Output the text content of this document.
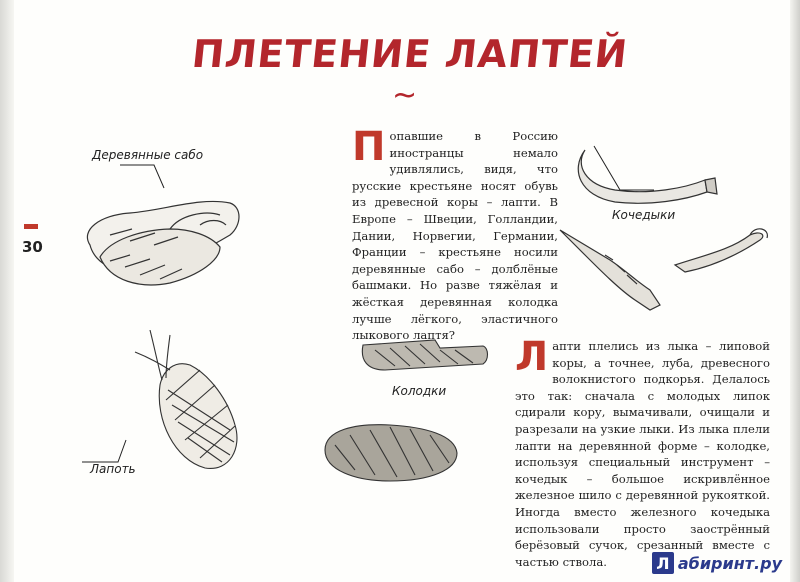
ПЛЕТЕНИЕ ЛАПТЕЙ
~
30
Деревянные сабо
Кочедыки
Колодки
Лапоть
Попавшие в Россию иностранцы немало удивлялись, видя, что русские крестьяне носят обувь из древесной коры – лапти. В Европе – Швеции, Голландии, Дании, Норвегии, Германии, Франции – крестьяне носили деревянные сабо – долблёные башмаки. Но разве тяжёлая и жёсткая деревянная колодка лучше лёгкого, эластичного лыкового лаптя?	Лапти плелись из лыка – липовой коры, а точнее, луба, древесного волокнистого подкорья. Делалось это так: сначала с молодых липок сдирали кору, вымачивали, очищали и разрезали на узкие лыки. Из лыка плели лапти на деревянной форме – колодке, используя специальный инструмент – кочедык – большое искривлённое железное шило с деревянной рукояткой. Иногда вместо железного кочедыка использовали просто заострённый берёзовый сучок, срезанный вместе с частью ствола.	Л абиринт.ру
